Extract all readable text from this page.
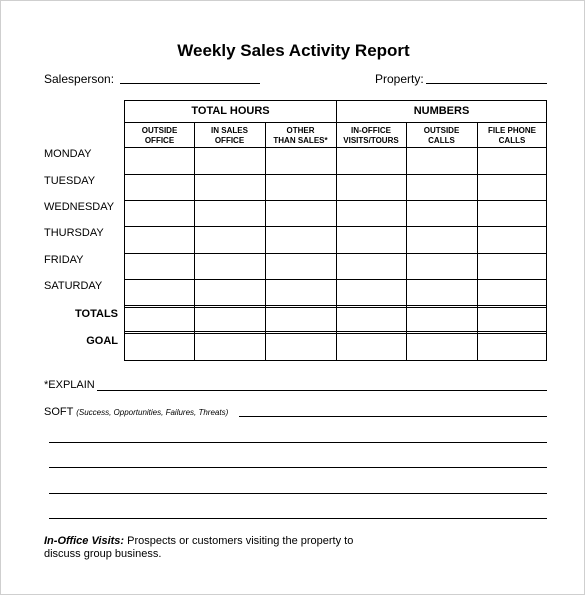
Weekly Sales Activity Report
Salesperson:	Property:
TOTAL HOURS	NUMBERS
OUTSIDE
OFFICE
IN SALES
OFFICE
OTHER
THAN SALES*
IN-OFFICE
VISITS/TOURS
OUTSIDE
CALLS
FILE PHONE
CALLS
MONDAY
TUESDAY
WEDNESDAY
THURSDAY
FRIDAY
SATURDAY
TOTALS
GOAL
*EXPLAIN
SOFT (Success, Opportunities, Failures, Threats)
In-Office Visits: Prospects or customers visiting the property to
discuss group business.
